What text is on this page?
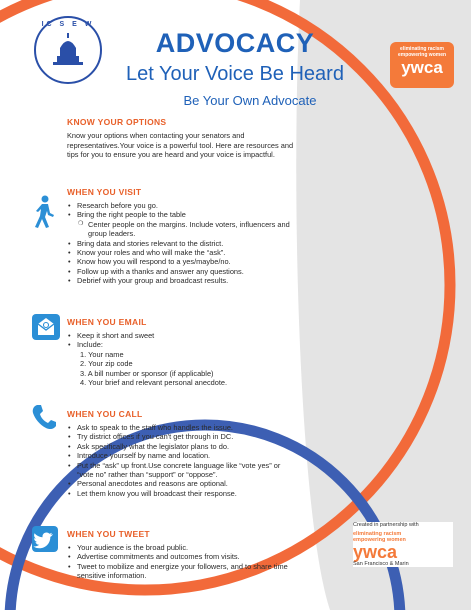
IC S E W
ADVOCACY
Let Your Voice Be Heard
Be Your Own Advocate
eliminating racism
empowering women
ywca
KNOW YOUR OPTIONS

Know your options when contacting your senators and representatives.Your voice is a powerful tool. Here are resources and tips for you to ensure you are heard and your voice is impactful.

WHEN YOU VISIT
• Research before you go.
• Bring the right people to the table
❍ Center people on the margins. Include voters, influencers and group leaders.
• Bring data and stories relevant to the district.
• Know your roles and who will make the “ask”.
• Know how you will respond to a yes/maybe/no.
• Follow up with a thanks and answer any questions.
• Debrief with your group and broadcast results.
WHEN YOU EMAIL
• Keep it short and sweet
• Include:
1. Your name
2. Your zip code
3. A bill number or sponsor (if applicable)
4. Your brief and relevant personal anecdote.
WHEN YOU CALL
• Ask to speak to the staff who handles the issue.
• Try district offices if you can't get through in DC.
• Ask specifically what the legislator plans to do.
• Introduce yourself by name and location.
• Put the “ask” up front.Use concrete language like “vote yes” or “vote no” rather than “support” or “oppose”.
• Personal anecdotes and reasons are optional.
• Let them know you will broadcast their response.
WHEN YOU TWEET
• Your audience is the broad public.
• Advertise commitments and outcomes from visits.
• Tweet to mobilize and energize your followers, and to share time sensitive information.
Created in partnership with
eliminating racism
empowering women
ywca
San Francisco & Marin
